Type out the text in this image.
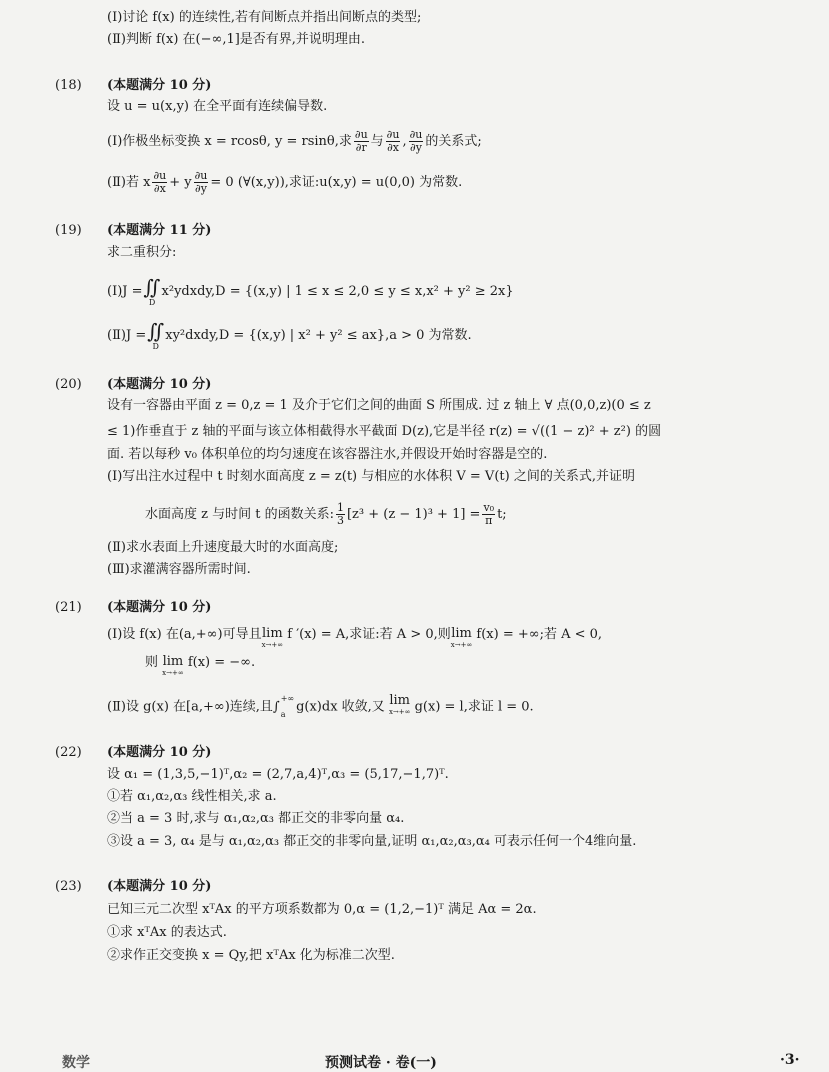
(Ⅰ)讨论 f(x) 的连续性,若有间断点并指出间断点的类型;
(Ⅱ)判断 f(x) 在(−∞,1]是否有界,并说明理由.
(18) (本题满分 10 分)
设 u = u(x,y) 在全平面有连续偏导数.
(Ⅰ)作极坐标变换 x = rcosθ, y = rsinθ,求 $\frac{\partial u}{\partial r}$ 与 $\frac{\partial u}{\partial x}$ , $\frac{\partial u}{\partial y}$ 的关系式;
(Ⅱ)若 x $\frac{\partial u}{\partial x} + y \frac{\partial u}{\partial y} = 0$ (∀(x,y)),求证:u(x,y) = u(0,0) 为常数.
(19) (本题满分 11 分)
求二重积分:
(Ⅰ)J = ∬
D
x²ydxdy,D = {(x,y) | 1 ≤ x ≤ 2,0 ≤ y ≤ x,x² + y² ≥ 2x}
(Ⅱ)J = ∬
D
xy²dxdy,D = {(x,y) | x² + y² ≤ ax},a > 0 为常数.
(20) (本题满分 10 分)
设有一容器由平面 z = 0,z = 1 及介于它们之间的曲面 S 所围成. 过 z 轴上 ∀ 点(0,0,z)(0 ≤ z
≤ 1)作垂直于 z 轴的平面与该立体相截得水平截面 D(z),它是半径 r(z) = √((1 − z)² + z²) 的圆
面. 若以每秒 v₀ 体积单位的均匀速度在该容器注水,并假设开始时容器是空的.
(Ⅰ)写出注水过程中 t 时刻水面高度 z = z(t) 与相应的水体积 V = V(t) 之间的关系式,并证明
水面高度 z 与时间 t 的函数关系: $\frac{1}{3} [z^3 + (z - 1)^3 + 1] = \frac{\text{v₀}}{\pi} t$;
(Ⅱ)求水表面上升速度最大时的水面高度;
(Ⅲ)求灌满容器所需时间.
(21) (本题满分 10 分)
(Ⅰ)设 f(x) 在(a,+∞)可导且lim
x→+∞
f ′(x) = A,求证:若 A > 0,则lim
x→+∞
f(x) = +∞;若 A < 0,
则 lim
x→+∞
f(x) = −∞.
(Ⅱ)设 g(x) 在[a,+∞)连续,且∫
+∞
a g(x)dx 收敛,又 lim
x→+∞ g(x) = l,求证 l = 0.
(22) (本题满分 10 分)
设 α₁ = (1,3,5,−1)ᵀ,α₂ = (2,7,a,4)ᵀ,α₃ = (5,17,−1,7)ᵀ.
①若 α₁,α₂,α₃ 线性相关,求 a.
②当 a = 3 时,求与 α₁,α₂,α₃ 都正交的非零向量 α₄.
③设 a = 3, α₄ 是与 α₁,α₂,α₃ 都正交的非零向量,证明 α₁,α₂,α₃,α₄ 可表示任何一个4维向量.
(23) (本题满分 10 分)
已知三元二次型 xᵀAx 的平方项系数都为 0,α = (1,2,−1)ᵀ 满足 Aα = 2α.
①求 xᵀAx 的表达式.
②求作正交变换 x = Qy,把 xᵀAx 化为标准二次型.
数学	预测试卷 · 卷(一)	·3·
